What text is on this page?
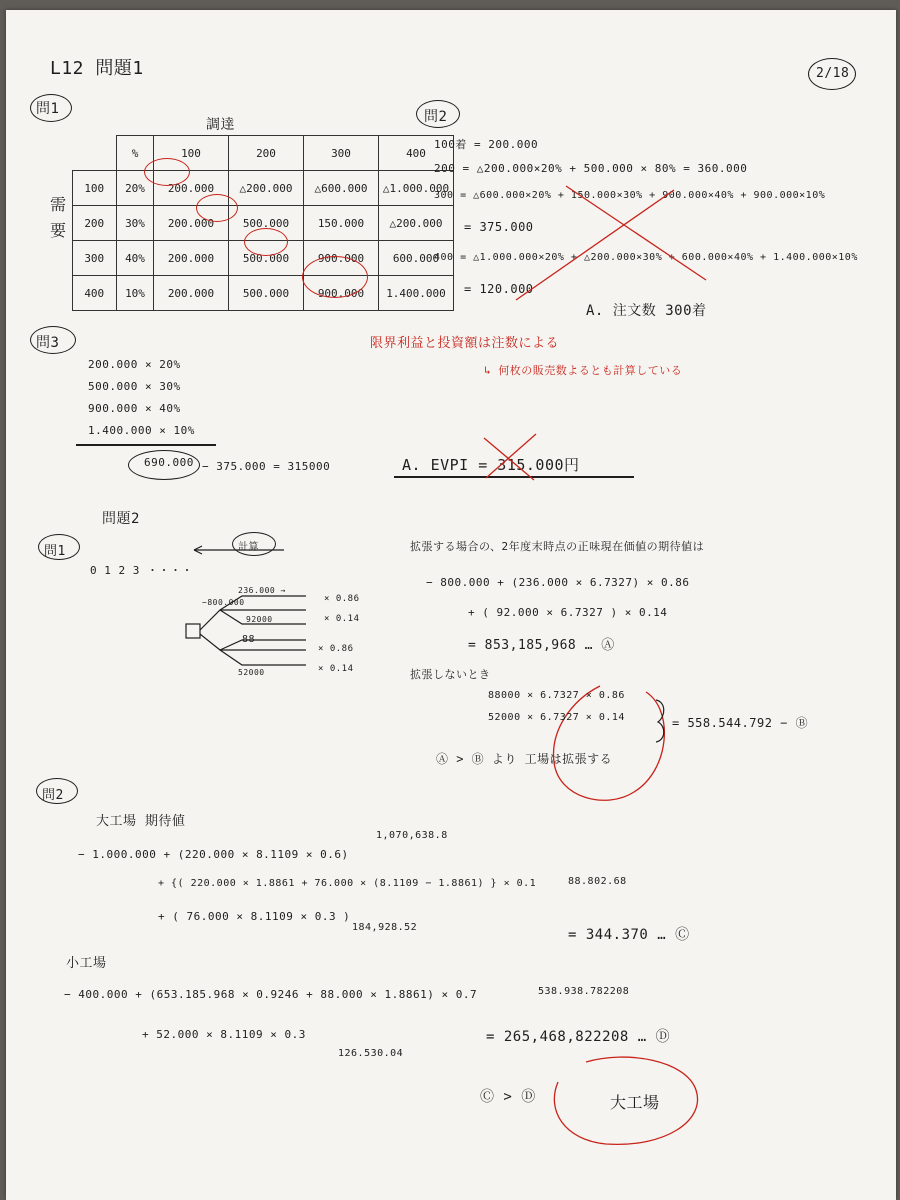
L12 問題1	2/18
問1
調達
需要
		%	100	200	300	400
	100	20%	200.000	△200.000	△600.000	△1.000.000
	200	30%	200.000	500.000	150.000	△200.000
	300	40%	200.000	500.000	900.000	600.000
	400	10%	200.000	500.000	900.000	1.400.000
問2
100着 = 200.000
200 = △200.000×20% + 500.000 × 80% = 360.000
300 = △600.000×20% + 150.000×30% + 900.000×40% + 900.000×10%
= 375.000
400 = △1.000.000×20% + △200.000×30% + 600.000×40% + 1.400.000×10%
= 120.000
A. 注文数 300着
問3	限界利益と投資額は注数による
↳ 何枚の販売数よるとも計算している
200.000 × 20%
500.000 × 30%
900.000 × 40%
1.400.000 × 10%
690.000 − 375.000 = 315000	A. EVPI = 315.000円
問題2
問1
0 1 2 3 ・・・・
計算
−800.000
236.000 →
92000
88
52000
× 0.86
× 0.14
× 0.86
× 0.14
拡張する場合の、2年度末時点の正味現在価値の期待値は
− 800.000 + (236.000 × 6.7327) × 0.86
+ ( 92.000 × 6.7327 ) × 0.14
= 853,185,968 … Ⓐ
拡張しないとき
88000 × 6.7327 × 0.86
52000 × 6.7327 × 0.14	= 558.544.792 − Ⓑ
Ⓐ > Ⓑ より 工場は拡張する
問2
大工場 期待値
− 1.000.000 + (220.000 × 8.1109 × 0.6)
+ {( 220.000 × 1.8861 + 76.000 × (8.1109 − 1.8861) } × 0.1
+ ( 76.000 × 8.1109 × 0.3 )
1,070,638.8
88.802.68
184,928.52	= 344.370 … Ⓒ
小工場
− 400.000 + (653.185.968 × 0.9246 + 88.000 × 1.8861) × 0.7
+ 52.000 × 8.1109 × 0.3
538.938.782208
126.530.04
= 265,468,822208 … Ⓓ
Ⓒ > Ⓓ	大工場
